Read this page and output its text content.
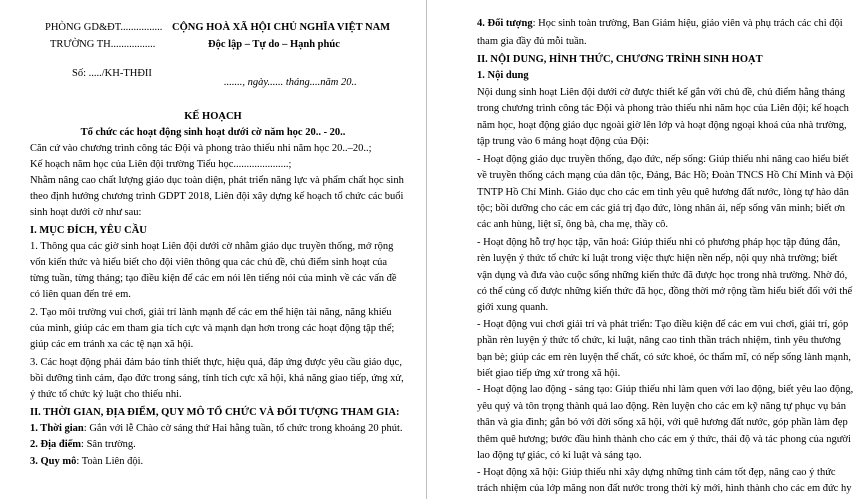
PHÒNG GD&ĐT................
TRƯỜNG TH.................
Số: ...../KH-THĐII
CỘNG HOÀ XÃ HỘI CHỦ NGHĨA VIỆT NAM
Độc lập – Tự do – Hạnh phúc
......., ngày...... tháng....năm 20..
KẾ HOẠCH
Tổ chức các hoạt động sinh hoạt dưới cờ năm học 20.. - 20..
Căn cứ vào chương trình công tác Đội và phong trào thiếu nhi năm học 20..–20..;
Kế hoạch năm học của Liên đội trường Tiểu học.....................;
Nhằm nâng cao chất lượng giáo dục toàn diện, phát triển năng lực và phẩm chất học sinh
theo định hướng chương trình GDPT 2018, Liên đội xây dựng kế hoạch tổ chức các buổi
sinh hoạt dưới cờ như sau:
I. MỤC ĐÍCH, YÊU CẦU
1. Thông qua các giờ sinh hoạt Liên đội dưới cờ nhằm giáo dục truyền thống, mở rộng
vốn kiến thức và hiểu biết cho đội viên thông qua các chủ đề, chủ điểm sinh hoạt của
từng tuần, từng tháng; tạo điều kiện để các em nói lên tiếng nói của mình về các vấn đề
có liên quan đến trẻ em.
2. Tạo môi trường vui chơi, giải trí lành mạnh để các em thể hiện tài năng, năng khiếu
của mình, giúp các em tham gia tích cực và mạnh dạn hơn trong các hoạt động tập thể;
giúp các em tránh xa các tệ nạn xã hội.
3. Các hoạt động phải đảm bảo tính thiết thực, hiệu quả, đáp ứng được yêu cầu giáo dục,
bồi dưỡng tình cảm, đạo đức trong sáng, tính tích cực xã hội, khả năng giao tiếp, ứng xử,
ý thức tổ chức kỷ luật cho thiếu nhi.
II. THỜI GIAN, ĐỊA ĐIỂM, QUY MÔ TỔ CHỨC VÀ ĐỐI TƯỢNG THAM GIA:
1. Thời gian: Gắn với lễ Chào cờ sáng thứ Hai hằng tuần, tổ chức trong khoảng 20 phút.
2. Địa điểm: Sân trường.
3. Quy mô: Toàn Liên đội.
4. Đối tượng: Học sinh toàn trường, Ban Giám hiệu, giáo viên và phụ trách các chi đội
tham gia đầy đủ mỗi tuần.
II. NỘI DUNG, HÌNH THỨC, CHƯƠNG TRÌNH SINH HOẠT
1. Nội dung
Nội dung sinh hoạt Liên đội dưới cờ được thiết kế gắn với chủ đề, chủ điểm hằng tháng
trong chương trình công tác Đội và phong trào thiếu nhi năm học của Liên đội; kế hoạch
năm học, hoạt động giáo dục ngoài giờ lên lớp và hoạt động ngoại khoá của nhà trường,
tập trung vào 6 mảng hoạt động của Đội:
- Hoạt động giáo dục truyền thống, đạo đức, nếp sống: Giúp thiếu nhi nâng cao hiểu biết
về truyền thống cách mạng của dân tộc, Đảng, Bác Hồ; Đoàn TNCS Hồ Chí Minh và Đội
TNTP Hồ Chí Minh. Giáo dục cho các em tình yêu quê hương đất nước, lòng tự hào dân
tộc; bồi dưỡng cho các em các giá trị đạo đức, lòng nhân ái, nếp sống văn minh; biết ơn
các anh hùng, liệt sĩ, ông bà, cha mẹ, thầy cô.
- Hoạt động hỗ trợ học tập, văn hoá: Giúp thiếu nhi có phương pháp học tập đúng đắn,
rèn luyện ý thức tổ chức kỉ luật trong việc thực hiện nền nếp, nội quy nhà trường; biết
vận dụng và đưa vào cuộc sống những kiến thức đã được học trong nhà trường. Nhờ đó,
có thể củng cố được những kiến thức đã học, đồng thời mở rộng tầm hiểu biết đối với thế
giới xung quanh.
- Hoạt động vui chơi giải trí và phát triển: Tạo điều kiện để các em vui chơi, giải trí, góp
phần rèn luyện ý thức tổ chức, kỉ luật, nâng cao tinh thần trách nhiệm, tình yêu thương
bạn bè; giúp các em rèn luyện thể chất, có sức khoẻ, óc thẩm mĩ, có nếp sống lành mạnh,
biết giao tiếp ứng xử trong xã hội.
- Hoạt động lao động - sáng tạo: Giúp thiếu nhi làm quen với lao động, biết yêu lao động,
yêu quý và tôn trọng thành quả lao động. Rèn luyện cho các em kỹ năng tự phục vụ bản
thân và gia đình; gắn bó với đời sống xã hội, với quê hương đất nước, góp phần làm đẹp
thêm quê hương; bước đầu hình thành cho các em ý thức, thái độ và tác phong của người
lao động tự giác, có kỉ luật và sáng tạo.
- Hoạt động xã hội: Giúp thiếu nhi xây dựng những tình cảm tốt đẹp, nâng cao ý thức
trách nhiệm của lớp măng non đất nước trong thời kỳ mới, hình thành cho các em đức hy
